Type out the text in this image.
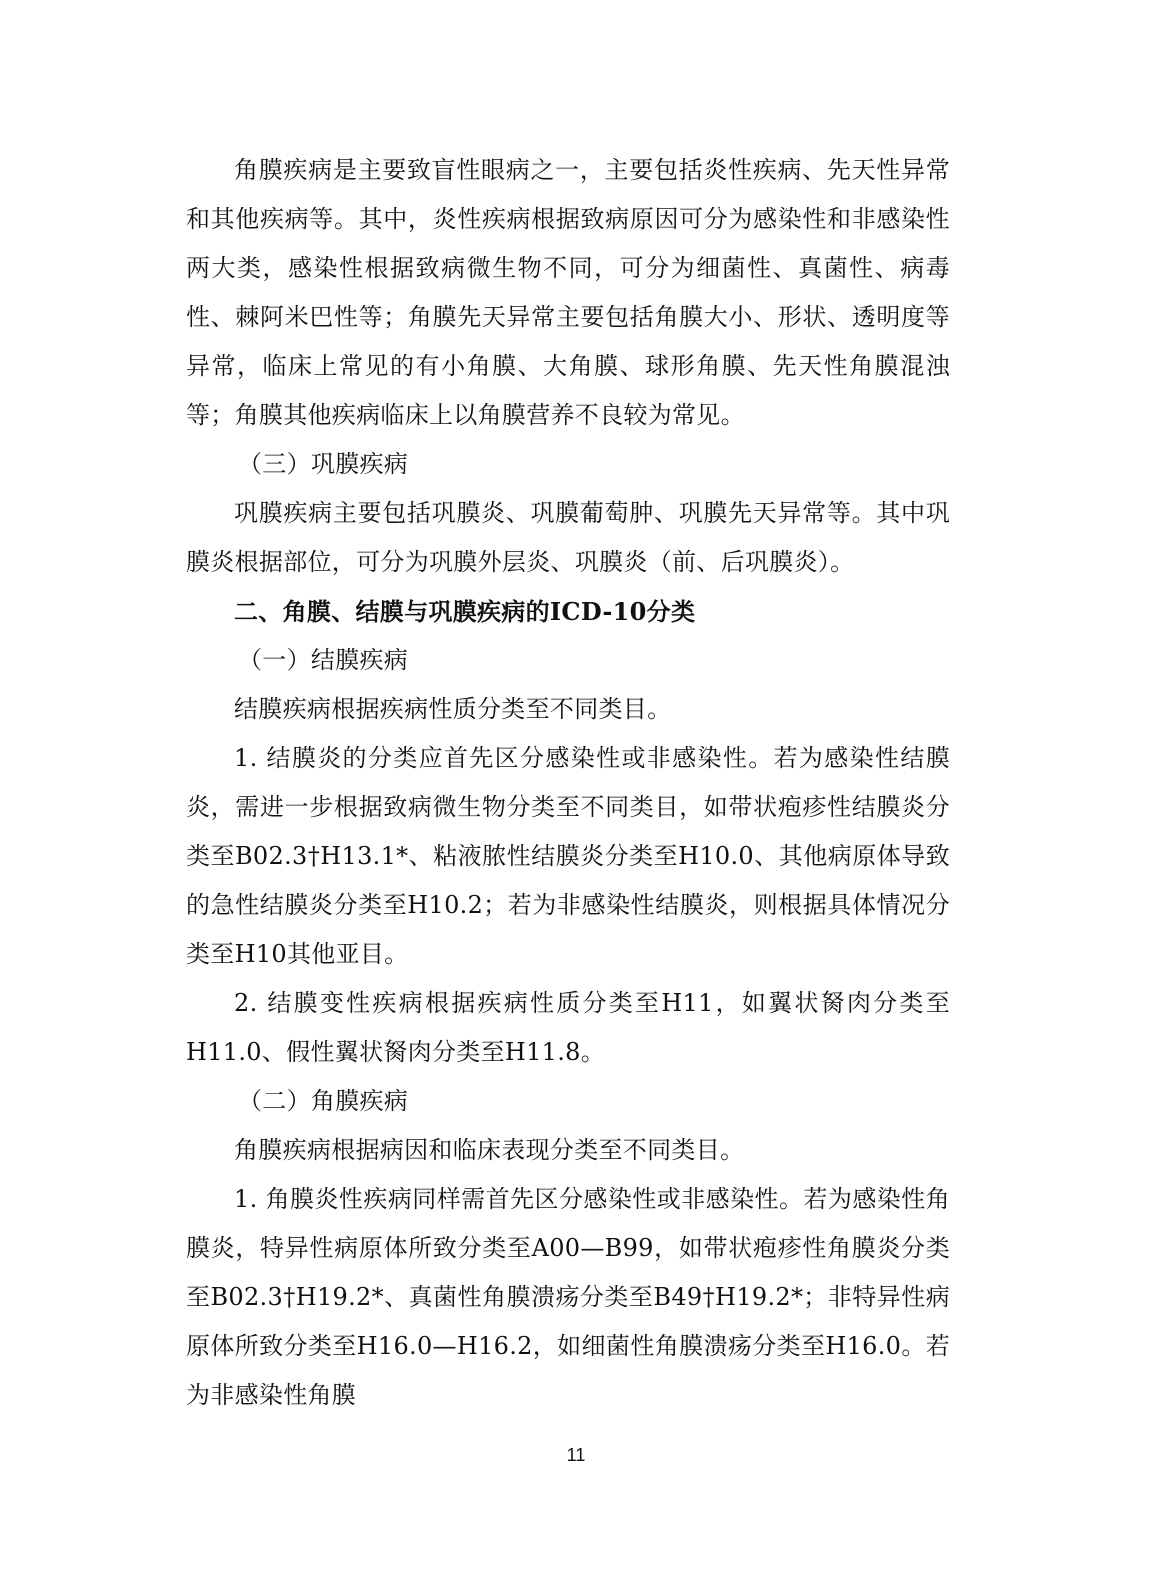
角膜疾病是主要致盲性眼病之一，主要包括炎性疾病、先天性异常和其他疾病等。其中，炎性疾病根据致病原因可分为感染性和非感染性两大类，感染性根据致病微生物不同，可分为细菌性、真菌性、病毒性、棘阿米巴性等；角膜先天异常主要包括角膜大小、形状、透明度等异常，临床上常见的有小角膜、大角膜、球形角膜、先天性角膜混浊等；角膜其他疾病临床上以角膜营养不良较为常见。

（三）巩膜疾病

巩膜疾病主要包括巩膜炎、巩膜葡萄肿、巩膜先天异常等。其中巩膜炎根据部位，可分为巩膜外层炎、巩膜炎（前、后巩膜炎）。

二、角膜、结膜与巩膜疾病的ICD-10分类

（一）结膜疾病

结膜疾病根据疾病性质分类至不同类目。

1. 结膜炎的分类应首先区分感染性或非感染性。若为感染性结膜炎，需进一步根据致病微生物分类至不同类目，如带状疱疹性结膜炎分类至B02.3†H13.1*、粘液脓性结膜炎分类至H10.0、其他病原体导致的急性结膜炎分类至H10.2；若为非感染性结膜炎，则根据具体情况分类至H10其他亚目。

2. 结膜变性疾病根据疾病性质分类至H11，如翼状胬肉分类至H11.0、假性翼状胬肉分类至H11.8。

（二）角膜疾病

角膜疾病根据病因和临床表现分类至不同类目。

1. 角膜炎性疾病同样需首先区分感染性或非感染性。若为感染性角膜炎，特异性病原体所致分类至A00—B99，如带状疱疹性角膜炎分类至B02.3†H19.2*、真菌性角膜溃疡分类至B49†H19.2*；非特异性病原体所致分类至H16.0—H16.2，如细菌性角膜溃疡分类至H16.0。若为非感染性角膜

11
